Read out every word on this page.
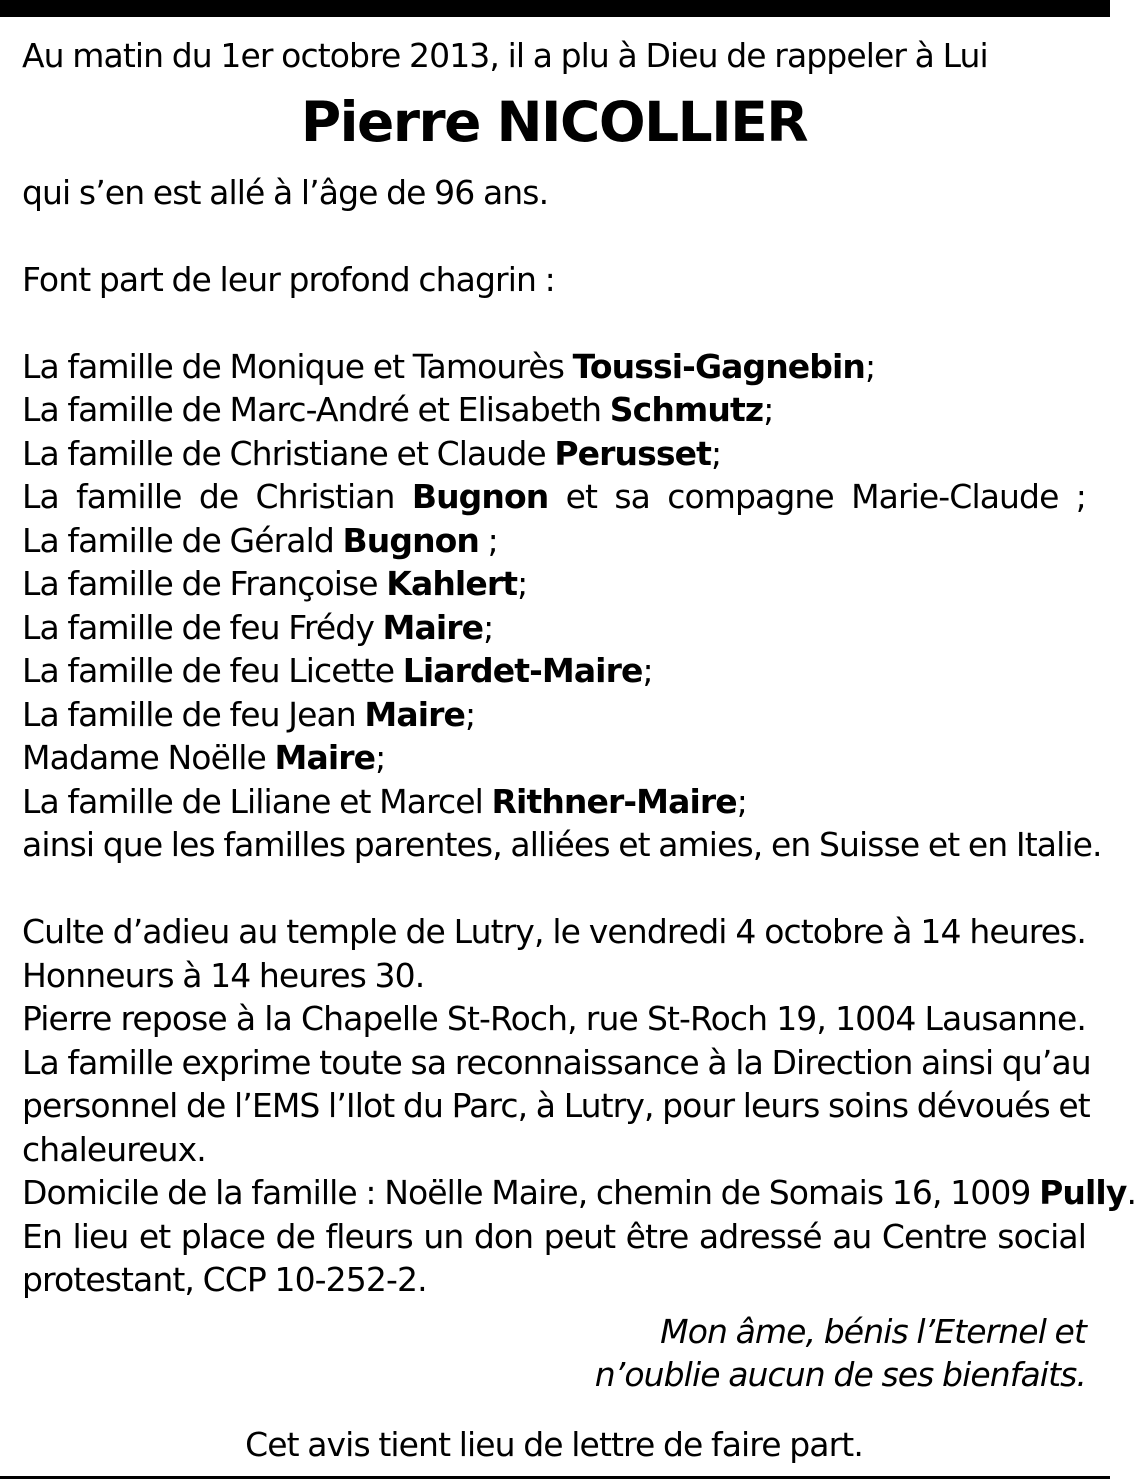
Au matin du 1er octobre 2013, il a plu à Dieu de rappeler à Lui
Pierre NICOLLIER
qui s’en est allé à l’âge de 96 ans.
Font part de leur profond chagrin :
La famille de Monique et Tamourès Toussi-Gagnebin;
La famille de Marc-André et Elisabeth Schmutz;
La famille de Christiane et Claude Perusset;
La famille de Christian Bugnon et sa compagne Marie-Claude ;
La famille de Gérald Bugnon ;
La famille de Françoise Kahlert;
La famille de feu Frédy Maire;
La famille de feu Licette Liardet-Maire;
La famille de feu Jean Maire;
Madame Noëlle Maire;
La famille de Liliane et Marcel Rithner-Maire;
ainsi que les familles parentes, alliées et amies, en Suisse et en Italie.
Culte d’adieu au temple de Lutry, le vendredi 4 octobre à 14 heures.
Honneurs à 14 heures 30.
Pierre repose à la Chapelle St-Roch, rue St-Roch 19, 1004 Lausanne.
La famille exprime toute sa reconnaissance à la Direction ainsi qu’au
personnel de l’EMS l’Ilot du Parc, à Lutry, pour leurs soins dévoués et
chaleureux.
Domicile de la famille : Noëlle Maire, chemin de Somais 16, 1009 Pully.
En lieu et place de fleurs un don peut être adressé au Centre social
protestant, CCP 10-252-2.
Mon âme, bénis l’Eternel et
n’oublie aucun de ses bienfaits.
Cet avis tient lieu de lettre de faire part.
